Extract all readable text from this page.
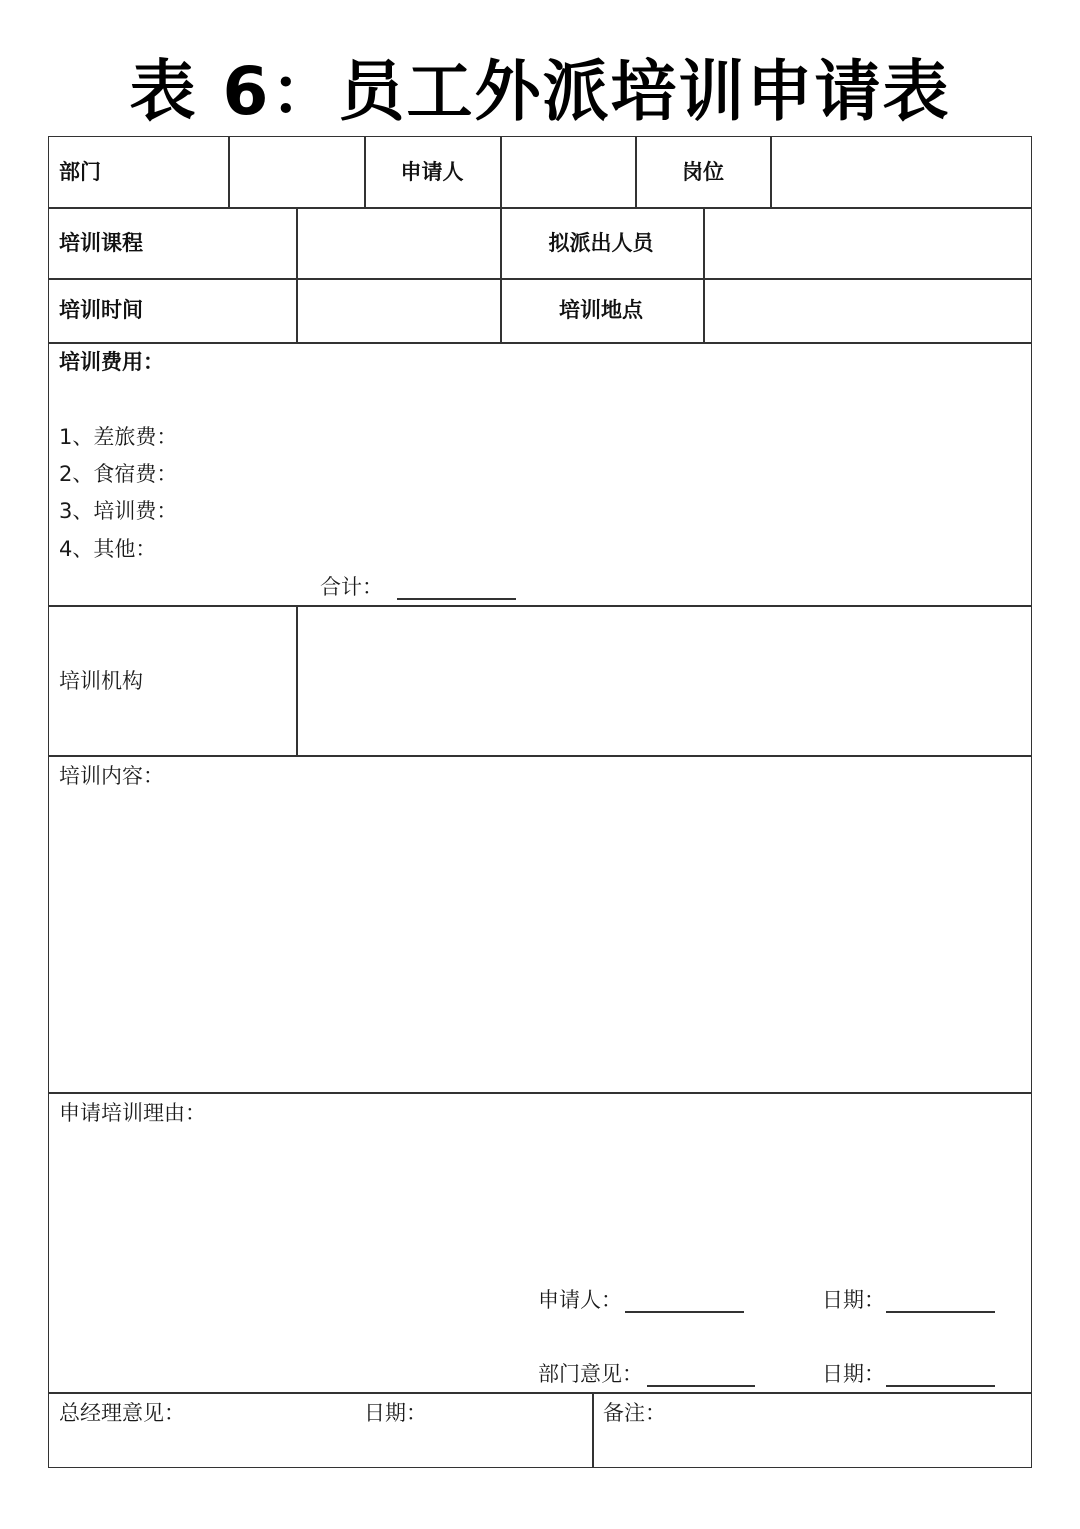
表 6：员工外派培训申请表
部门	申请人	岗位
培训课程	拟派出人员
培训时间	培训地点
培训费用：
1、差旅费：
2、食宿费：
3、培训费：
4、其他：
合计：
培训机构
培训内容：
申请培训理由：
申请人：	日期：
部门意见：	日期：
总经理意见：	日期：	备注：
